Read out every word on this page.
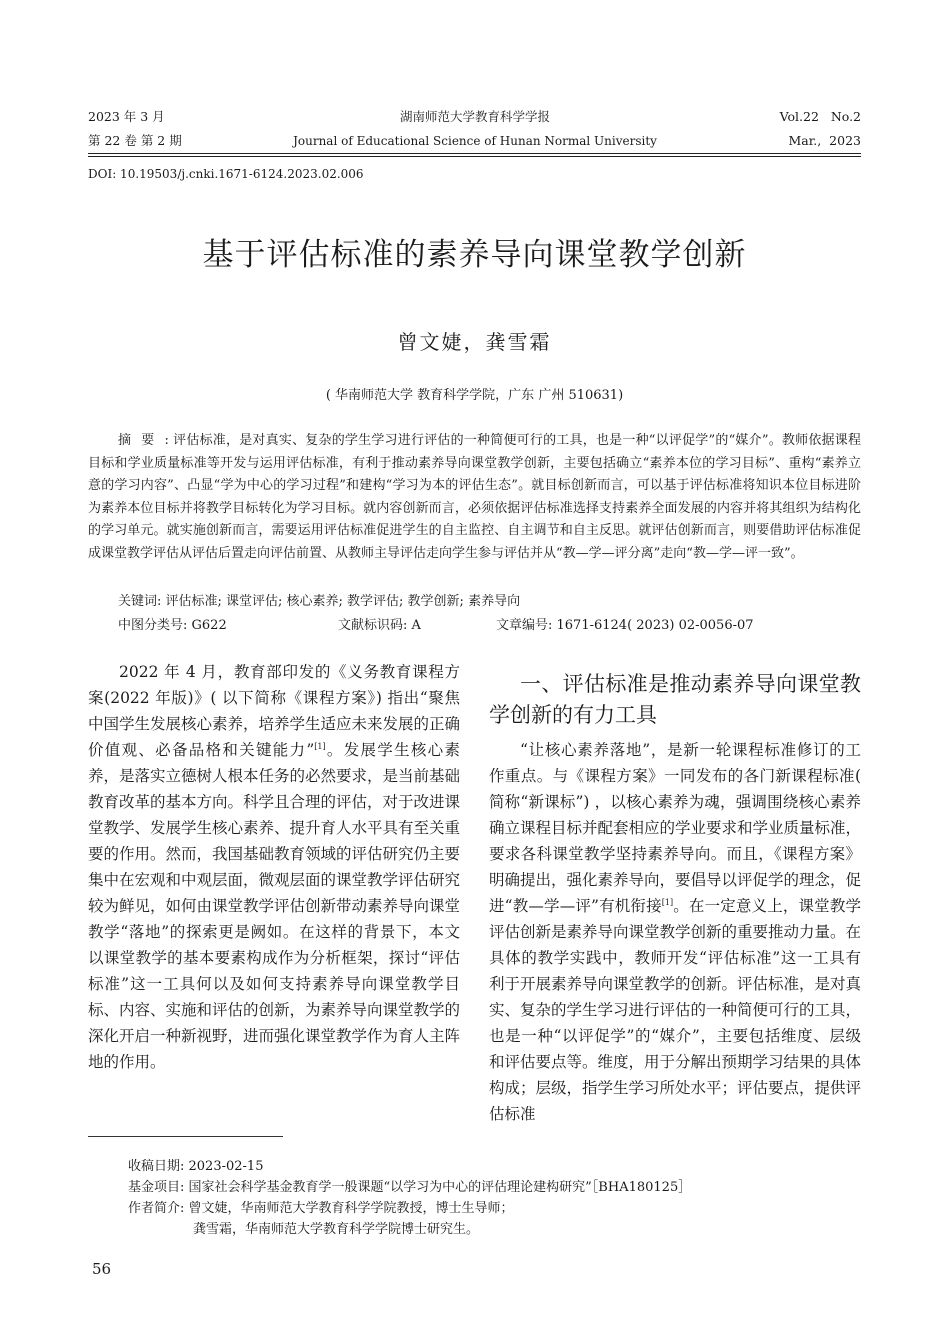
2023 年 3 月
第 22 卷 第 2 期
湖南师范大学教育科学学报
Journal of Educational Science of Hunan Normal University
Vol.22   No.2
Mar.,  2023
DOI: 10.19503/j.cnki.1671-6124.2023.02.006
基于评估标准的素养导向课堂教学创新
曾文婕，龚雪霜
( 华南师范大学 教育科学学院，广东 广州 510631)
摘要: 评估标准，是对真实、复杂的学生学习进行评估的一种简便可行的工具，也是一种“以评促学”的“媒介”。教师依据课程目标和学业质量标准等开发与运用评估标准，有利于推动素养导向课堂教学创新，主要包括确立“素养本位的学习目标”、重构“素养立意的学习内容”、凸显“学为中心的学习过程”和建构“学习为本的评估生态”。就目标创新而言，可以基于评估标准将知识本位目标进阶为素养本位目标并将教学目标转化为学习目标。就内容创新而言，必须依据评估标准选择支持素养全面发展的内容并将其组织为结构化的学习单元。就实施创新而言，需要运用评估标准促进学生的自主监控、自主调节和自主反思。就评估创新而言，则要借助评估标准促成课堂教学评估从评估后置走向评估前置、从教师主导评估走向学生参与评估并从“教—学—评分离”走向“教—学—评一致”。
关键词: 评估标准; 课堂评估; 核心素养; 教学评估; 教学创新; 素养导向
中图分类号: G622	文献标识码: A	文章编号: 1671-6124( 2023) 02-0056-07

2022 年 4 月，教育部印发的《义务教育课程方案(2022 年版)》( 以下简称《课程方案》) 指出“聚焦中国学生发展核心素养，培养学生适应未来发展的正确价值观、必备品格和关键能力”[1]。发展学生核心素养，是落实立德树人根本任务的必然要求，是当前基础教育改革的基本方向。科学且合理的评估，对于改进课堂教学、发展学生核心素养、提升育人水平具有至关重要的作用。然而，我国基础教育领域的评估研究仍主要集中在宏观和中观层面，微观层面的课堂教学评估研究较为鲜见，如何由课堂教学评估创新带动素养导向课堂教学“落地”的探索更是阙如。在这样的背景下，本文以课堂教学的基本要素构成作为分析框架，探讨“评估标准”这一工具何以及如何支持素养导向课堂教学目标、内容、实施和评估的创新，为素养导向课堂教学的深化开启一种新视野，进而强化课堂教学作为育人主阵地的作用。

一、评估标准是推动素养导向课堂教学创新的有力工具

“让核心素养落地”，是新一轮课程标准修订的工作重点。与《课程方案》一同发布的各门新课程标准( 简称“新课标”) ，以核心素养为魂，强调围绕核心素养确立课程目标并配套相应的学业要求和学业质量标准，要求各科课堂教学坚持素养导向。而且，《课程方案》明确提出，强化素养导向，要倡导以评促学的理念，促进“教—学—评”有机衔接[1]。在一定意义上，课堂教学评估创新是素养导向课堂教学创新的重要推动力量。在具体的教学实践中，教师开发“评估标准”这一工具有利于开展素养导向课堂教学的创新。评估标准，是对真实、复杂的学生学习进行评估的一种简便可行的工具，也是一种“以评促学”的“媒介”，主要包括维度、层级和评估要点等。维度，用于分解出预期学习结果的具体构成；层级，指学生学习所处水平；评估要点，提供评估标准

收稿日期: 2023-02-15
基金项目: 国家社会科学基金教育学一般课题“以学习为中心的评估理论建构研究”［BHA180125］
作者简介: 曾文婕，华南师范大学教育科学学院教授，博士生导师；
龚雪霜，华南师范大学教育科学学院博士研究生。
56
